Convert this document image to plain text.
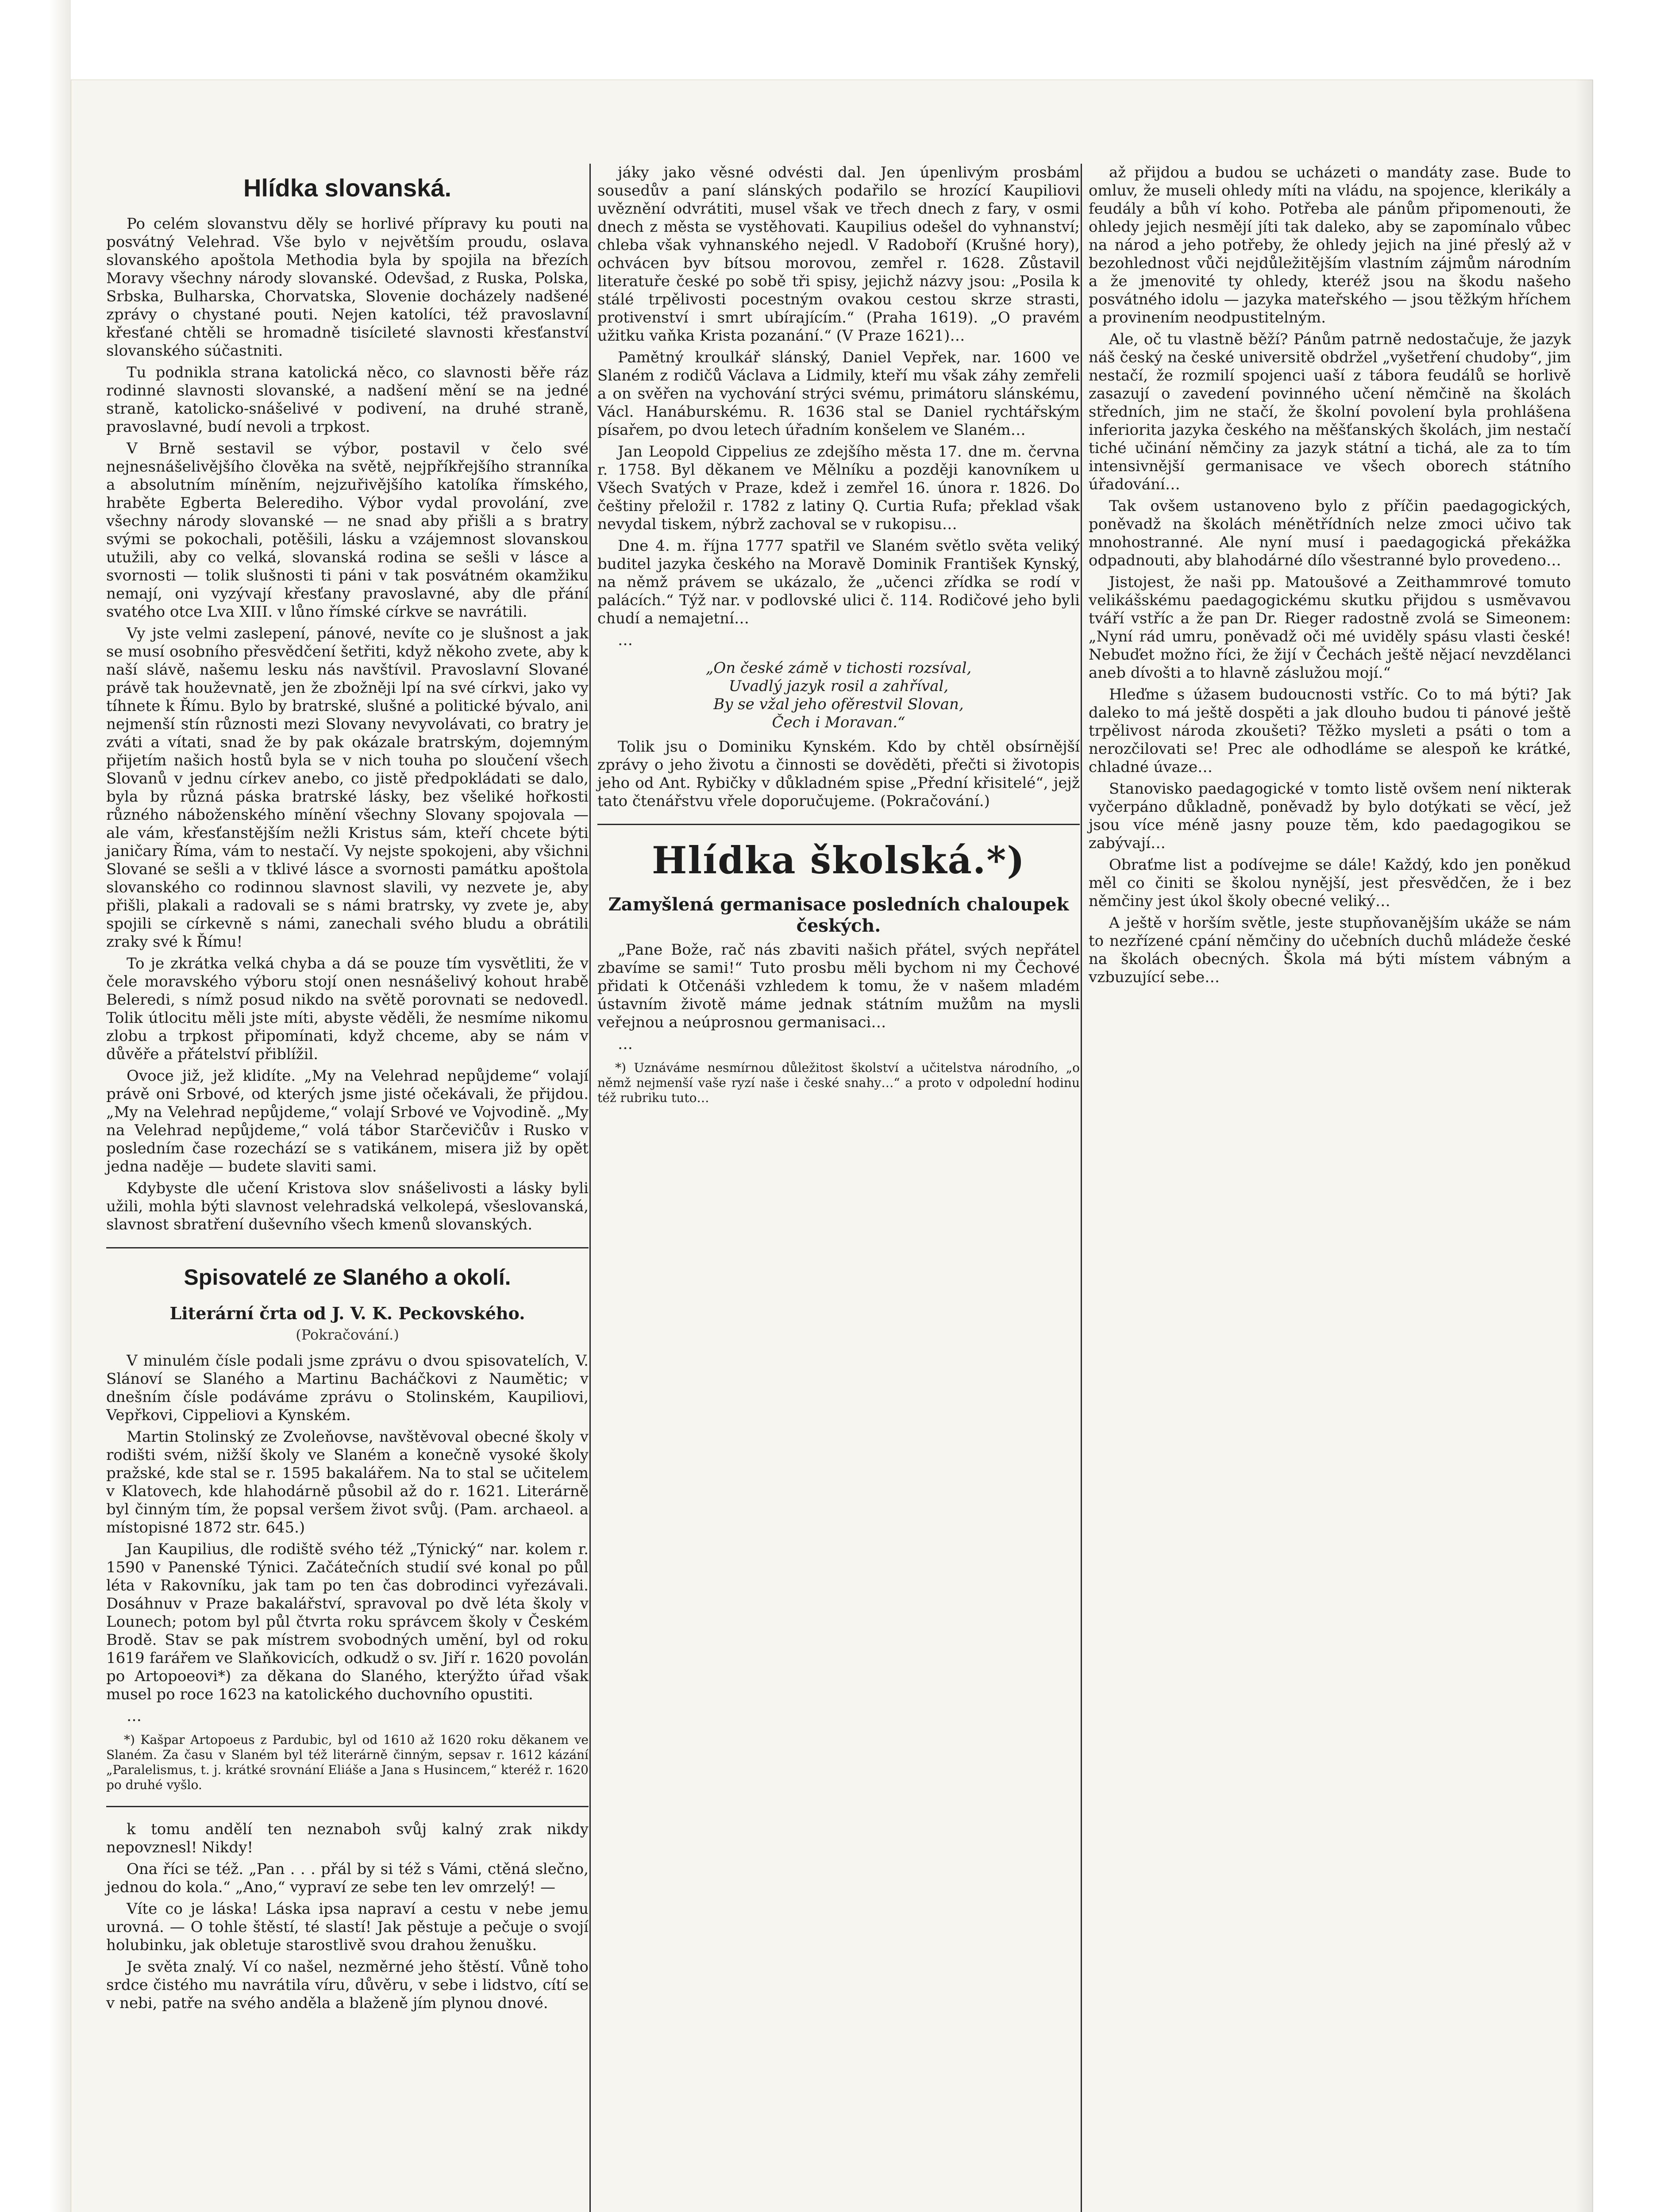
Hlídka slovanská.

Po celém slovanstvu děly se horlivé přípravy ku pouti na posvátný Velehrad. Vše bylo v největším proudu, oslava slovanského apoštola Methodia byla by spojila na březích Moravy všechny národy slovanské. Odevšad, z Ruska, Polska, Srbska, Bulharska, Chorvatska, Slovenie docházely nadšené zprávy o chystané pouti. Nejen katolíci, též pravoslavní křesťané chtěli se hromadně tisícileté slavnosti křesťanství slovanského súčastniti.

Tu podnikla strana katolická něco, co slavnosti běře ráz rodinné slavnosti slovanské, a nadšení mění se na jedné straně, katolicko-snášelivé v podivení, na druhé straně, pravoslavné, budí nevoli a trpkost.

V Brně sestavil se výbor, postavil v čelo své nejnesnášelivějšího člověka na světě, nejpříkřejšího stranníka a absolutním míněním, nejzuřivějšího katolíka římského, hraběte Egberta Belerediho. Výbor vydal provolání, zve všechny národy slovanské — ne snad aby přišli a s bratry svými se pokochali, potěšili, lásku a vzájemnost slovanskou utužili, aby co velká, slovanská rodina se sešli v lásce a svornosti — tolik slušnosti ti páni v tak posvátném okamžiku nemají, oni vyzývají křesťany pravoslavné, aby dle přání svatého otce Lva XIII. v lůno římské církve se navrátili.

Vy jste velmi zaslepení, pánové, nevíte co je slušnost a jak se musí osobního přesvědčení šetřiti, když někoho zvete, aby k naší slávě, našemu lesku nás navštívil. Pravoslavní Slované právě tak houževnatě, jen že zbožněji lpí na své církvi, jako vy tíhnete k Římu. Bylo by bratrské, slušné a politické bývalo, ani nejmenší stín různosti mezi Slovany nevyvolávati, co bratry je zváti a vítati, snad že by pak okázale bratrským, dojemným přijetím našich hostů byla se v nich touha po sloučení všech Slovanů v jednu církev anebo, co jistě předpokládati se dalo, byla by různá páska bratrské lásky, bez všeliké hořkosti různého náboženského mínění všechny Slovany spojovala — ale vám, křesťanstějším nežli Kristus sám, kteří chcete býti janičary Říma, vám to nestačí. Vy nejste spokojeni, aby všichni Slované se sešli a v tklivé lásce a svornosti památku apoštola slovanského co rodinnou slavnost slavili, vy nezvete je, aby přišli, plakali a radovali se s námi bratrsky, vy zvete je, aby spojili se církevně s námi, zanechali svého bludu a obrátili zraky své k Římu!

To je zkrátka velká chyba a dá se pouze tím vysvětliti, že v čele moravského výboru stojí onen nesnášelivý kohout hrabě Beleredi, s nímž posud nikdo na světě porovnati se nedovedl. Tolik útlocitu měli jste míti, abyste věděli, že nesmíme nikomu zlobu a trpkost připomínati, když chceme, aby se nám v důvěře a přátelství přiblížil.

Ovoce již, jež klidíte. „My na Velehrad nepůjdeme“ volají právě oni Srbové, od kterých jsme jisté očekávali, že přijdou. „My na Velehrad nepůjdeme,“ volají Srbové ve Vojvodině. „My na Velehrad nepůjdeme,“ volá tábor Starčevičův i Rusko v posledním čase rozechází se s vatikánem, misera již by opět jedna naděje — budete slaviti sami.

Kdybyste dle učení Kristova slov snášelivosti a lásky byli užili, mohla býti slavnost velehradská velkolepá, všeslovanská, slavnost sbratření duševního všech kmenů slovanských.

Spisovatelé ze Slaného a okolí.
Literární črta od J. V. K. Peckovského.
(Pokračování.)

V minulém čísle podali jsme zprávu o dvou spisovatelích, V. Slánoví se Slaného a Martinu Bacháčkovi z Naumětic; v dnešním čísle podáváme zprávu o Stolinském, Kaupiliovi, Vepřkovi, Cippeliovi a Kynském.

Martin Stolinský ze Zvoleňovse, navštěvoval obecné školy v rodišti svém, nižší školy ve Slaném a konečně vysoké školy pražské, kde stal se r. 1595 bakalářem. Na to stal se učitelem v Klatovech, kde hlahodárně působil až do r. 1621. Literárně byl činným tím, že popsal veršem život svůj. (Pam. archaeol. a místopisné 1872 str. 645.)

Jan Kaupilius, dle rodiště svého též „Týnický“ nar. kolem r. 1590 v Panenské Týnici. Začátečních studií své konal po půl léta v Rakovníku, jak tam po ten čas dobrodinci vyřezávali. Dosáhnuv v Praze bakalářství, spravoval po dvě léta školy v Lounech; potom byl půl čtvrta roku správcem školy v Českém Brodě. Stav se pak místrem svobodných umění, byl od roku 1619 farářem ve Slaňkovicích, odkudž o sv. Jiří r. 1620 povolán po Artopoeovi*) za děkana do Slaného, kterýžto úřad však musel po roce 1623 na katolického duchovního opustiti.

…

*) Kašpar Artopoeus z Pardubic, byl od 1610 až 1620 roku děkanem ve Slaném. Za času v Slaném byl též literárně činným, sepsav r. 1612 kázání „Paralelismus, t. j. krátké srovnání Eliáše a Jana s Husincem,“ kteréž r. 1620 po druhé vyšlo.

k tomu andělí ten neznaboh svůj kalný zrak nikdy nepovznesl! Nikdy!

Ona říci se též. „Pan . . . přál by si též s Vámi, ctěná slečno, jednou do kola.“ „Ano,“ vypraví ze sebe ten lev omrzelý! —

Víte co je láska! Láska ipsa napraví a cestu v nebe jemu urovná. — O tohle štěstí, té slastí! Jak pěstuje a pečuje o svojí holubinku, jak obletuje starostlivě svou drahou ženušku.

Je světa znalý. Ví co našel, nezměrné jeho štěstí. Vůně toho srdce čistého mu navrátila víru, důvěru, v sebe i lidstvo, cítí se v nebi, patře na svého anděla a blaženě jím plynou dnové.

jáky jako věsné odvésti dal. Jen úpenlivým prosbám sousedův a paní slánských podařilo se hrozící Kaupiliovi uvěznění odvrátiti, musel však ve třech dnech z fary, v osmi dnech z města se vystěhovati. Kaupilius odešel do vyhnanství; chleba však vyhnanského nejedl. V Radoboří (Krušné hory), ochvácen byv bítsou morovou, zemřel r. 1628. Zůstavil literatuře české po sobě tři spisy, jejichž názvy jsou: „Posila k stálé trpělivosti pocestným ovakou cestou skrze strasti, protivenství i smrt ubírajícím.“ (Praha 1619). „O pravém užitku vaňka Krista pozanání.“ (V Praze 1621)…

Pamětný kroulkář slánský, Daniel Vepřek, nar. 1600 ve Slaném z rodičů Václava a Lidmily, kteří mu však záhy zemřeli a on svěřen na vychování strýci svému, primátoru slánskému, Václ. Hanáburskému. R. 1636 stal se Daniel rychtářským písařem, po dvou letech úřadním konšelem ve Slaném…

Jan Leopold Cippelius ze zdejšího města 17. dne m. června r. 1758. Byl děkanem ve Mělníku a později kanovníkem u Všech Svatých v Praze, kdež i zemřel 16. února r. 1826. Do češtiny přeložil r. 1782 z latiny Q. Curtia Rufa; překlad však nevydal tiskem, nýbrž zachoval se v rukopisu…

Dne 4. m. října 1777 spatřil ve Slaném světlo světa veliký buditel jazyka českého na Moravě Dominik František Kynský, na němž právem se ukázalo, že „učenci zřídka se rodí v palácích.“ Týž nar. v podlovské ulici č. 114. Rodičové jeho byli chudí a nemajetní…

…

„On české zámě v tichosti rozsíval,
Uvadlý jazyk rosil a zahříval,
By se vžal jeho ofěrestvil Slovan,
Čech i Moravan.“

Tolik jsu o Dominiku Kynském. Kdo by chtěl obsírnější zprávy o jeho životu a činnosti se dověděti, přečti si životopis jeho od Ant. Rybičky v důkladném spise „Přední křisitelé“, jejž tato čtenářstvu vřele doporučujeme. (Pokračování.)

Hlídka školská.*)
Zamyšlená germanisace posledních chaloupek českých.

„Pane Bože, rač nás zbaviti našich přátel, svých nepřátel zbavíme se sami!“ Tuto prosbu měli bychom ni my Čechové přidati k Otčenáši vzhledem k tomu, že v našem mladém ústavním životě máme jednak státním mužům na mysli veřejnou a neúprosnou germanisaci…

…

*) Uznáváme nesmírnou důležitost školství a učitelstva národního, „o němž nejmenší vaše ryzí naše i české snahy…“ a proto v odpolední hodinu též rubriku tuto…

až přijdou a budou se ucházeti o mandáty zase. Bude to omluv, že museli ohledy míti na vládu, na spojence, klerikály a feudály a bůh ví koho. Potřeba ale pánům připomenouti, že ohledy jejich nesmějí jíti tak daleko, aby se zapomínalo vůbec na národ a jeho potřeby, že ohledy jejich na jiné přeslý až v bezohlednost vůči nejdůležitějším vlastním zájmům národním a že jmenovité ty ohledy, kteréž jsou na škodu našeho posvátného idolu — jazyka mateřského — jsou těžkým hříchem a provinením neodpustitelným.

Ale, oč tu vlastně běží? Pánům patrně nedostačuje, že jazyk náš český na české universitě obdržel „vyšetření chudoby“, jim nestačí, že rozmilí spojenci uaší z tábora feudálů se horlivě zasazují o zavedení povinného učení němčině na školách středních, jim ne stačí, že školní povolení byla prohlášena inferiorita jazyka českého na měšťanských školách, jim nestačí tiché učinání němčiny za jazyk státní a tichá, ale za to tím intensivnější germanisace ve všech oborech státního úřadování…

Tak ovšem ustanoveno bylo z příčin paedagogických, poněvadž na školách ménětřídních nelze zmoci učivo tak mnohostranné. Ale nyní musí i paedagogická překážka odpadnouti, aby blahodárné dílo všestranné bylo provedeno…

Jistojest, že naši pp. Matoušové a Zeithammrové tomuto velikášskému paedagogickému skutku přijdou s usměvavou tváří vstříc a že pan Dr. Rieger radostně zvolá se Simeonem: „Nyní rád umru, poněvadž oči mé uviděly spásu vlasti české! Nebuďet možno říci, že žijí v Čechách ještě nějací nevzdělanci aneb dívošti a to hlavně záslužou mojí.“

Hleďme s úžasem budoucnosti vstříc. Co to má býti? Jak daleko to má ještě dospěti a jak dlouho budou ti pánové ještě trpělivost národa zkoušeti? Těžko mysleti a psáti o tom a nerozčilovati se! Prec ale odhodláme se alespoň ke krátké, chladné úvaze…

Stanovisko paedagogické v tomto listě ovšem není nikterak vyčerpáno důkladně, poněvadž by bylo dotýkati se věcí, jež jsou více méně jasny pouze těm, kdo paedagogikou se zabývají…

Obraťme list a podívejme se dále! Každý, kdo jen poněkud měl co činiti se školou nynější, jest přesvědčen, že i bez němčiny jest úkol školy obecné veliký…

A ještě v horším světle, jeste stupňovanějším ukáže se nám to nezřízené cpání němčiny do učebních duchů mládeže české na školách obecných. Škola má býti místem vábným a vzbuzující sebe…
